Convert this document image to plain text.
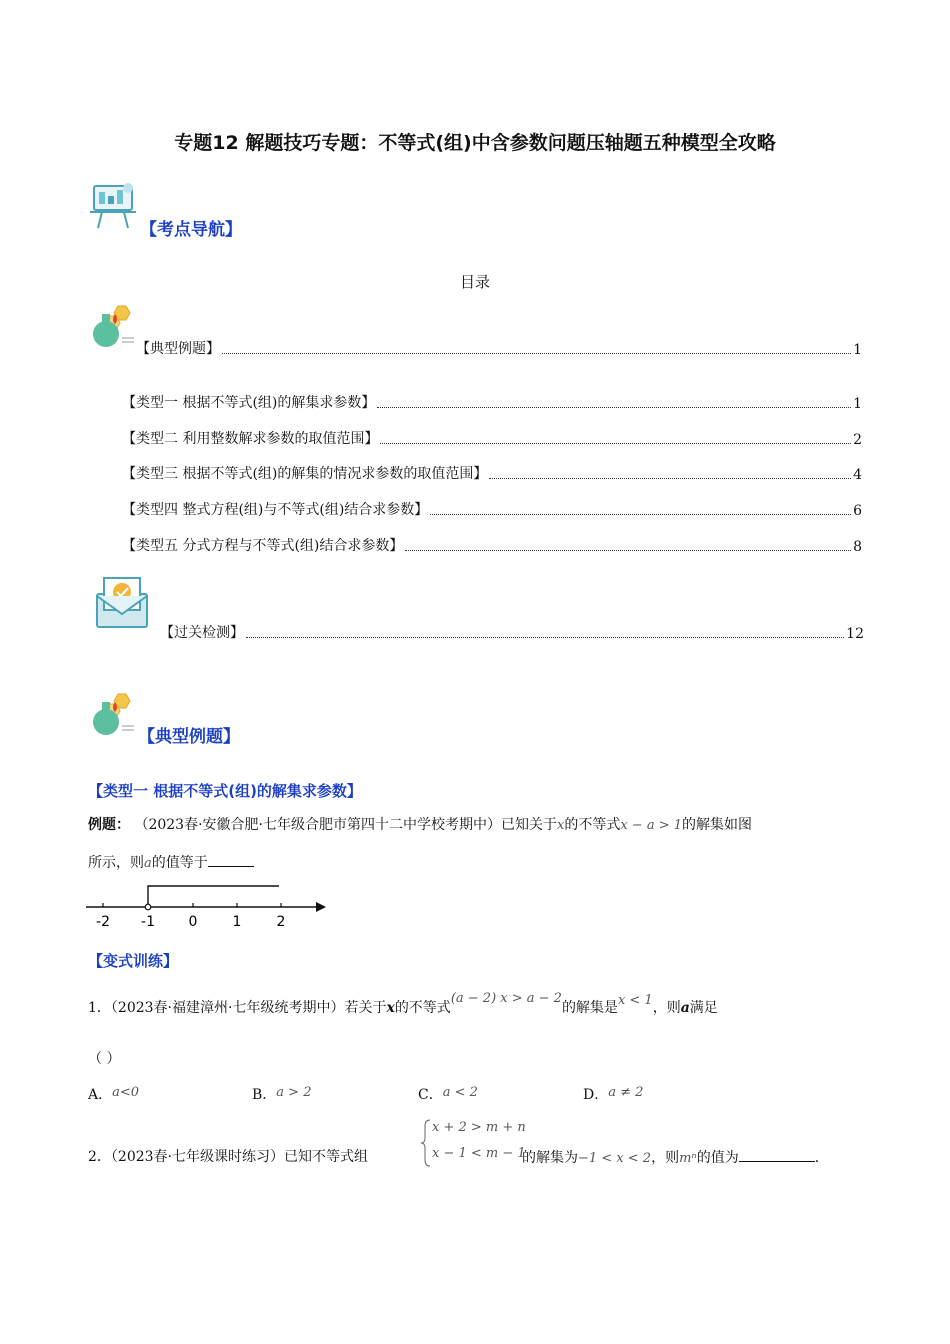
专题12 解题技巧专题：不等式(组)中含参数问题压轴题五种模型全攻略
【考点导航】
目录
【典型例题】	1
【类型一 根据不等式(组)的解集求参数】	1
【类型二 利用整数解求参数的取值范围】	2
【类型三 根据不等式(组)的解集的情况求参数的取值范围】	4
【类型四 整式方程(组)与不等式(组)结合求参数】	6
【类型五 分式方程与不等式(组)结合求参数】	8
【过关检测】	12
【典型例题】
【类型一 根据不等式(组)的解集求参数】
例题： （2023春·安徽合肥·七年级合肥市第四十二中学校考期中）已知关于x的不等式x − a > 1的解集如图
所示，则a的值等于
-2 -1 0	1	2
【变式训练】
1．（2023春·福建漳州·七年级统考期中）若关于x的不等式(a − 2) x > a − 2的解集是x < 1，则a满足
（ ）
A．a<0	B．a > 2	C．a < 2	D．a ≠ 2
2．（2023春·七年级课时练习）已知不等式组
x + 2 > m + n
x − 1 < m − 1
的解集为−1 < x < 2，则mⁿ的值为	．
